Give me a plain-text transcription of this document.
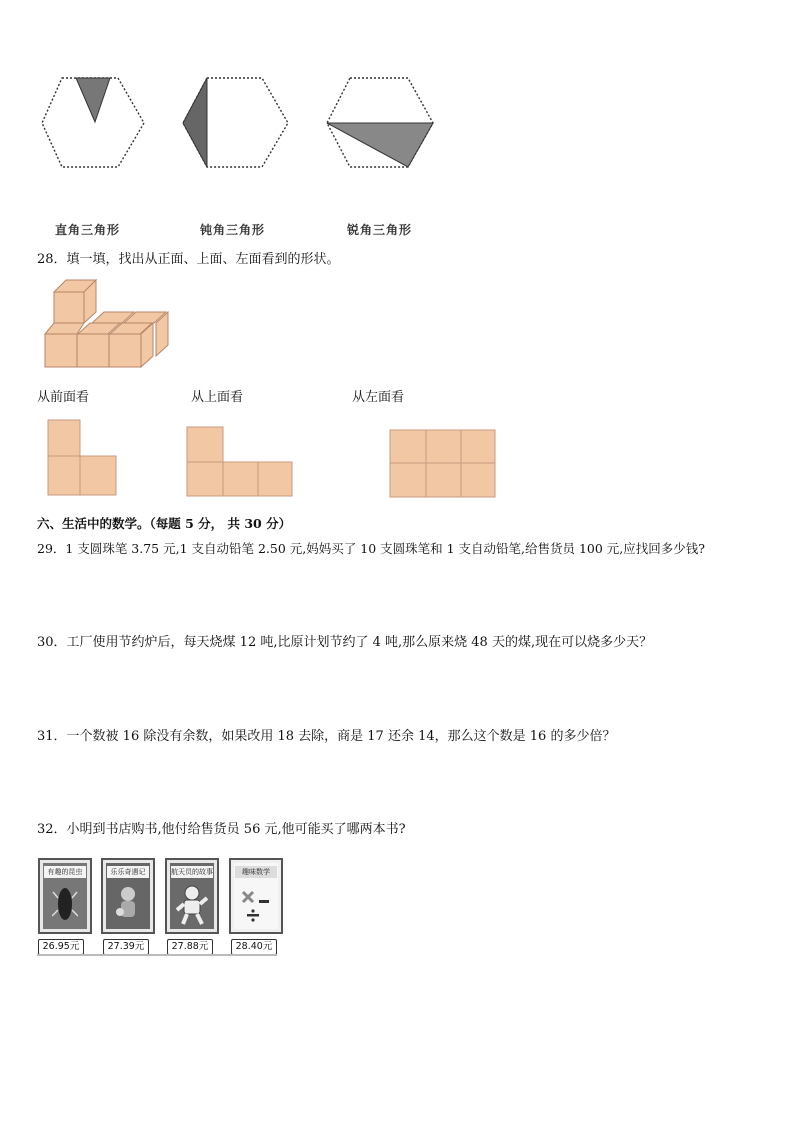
直角三角形	钝角三角形	锐角三角形
28．填一填，找出从正面、上面、左面看到的形状。
从前面看	从上面看	从左面看
六、生活中的数学。（每题 5 分， 共 30 分）
29．1 支圆珠笔 3.75 元,1 支自动铅笔 2.50 元,妈妈买了 10 支圆珠笔和 1 支自动铅笔,给售货员 100 元,应找回多少钱?
30．工厂使用节约炉后，每天烧煤 12 吨,比原计划节约了 4 吨,那么原来烧 48 天的煤,现在可以烧多少天？
31．一个数被 16 除没有余数，如果改用 18 去除，商是 17 还余 14，那么这个数是 16 的多少倍？
32．小明到书店购书,他付给售货员 56 元,他可能买了哪两本书?
有趣的昆虫	乐乐奇遇记	航天员的故事	趣味数学
26.95元	27.39元	27.88元	28.40元
